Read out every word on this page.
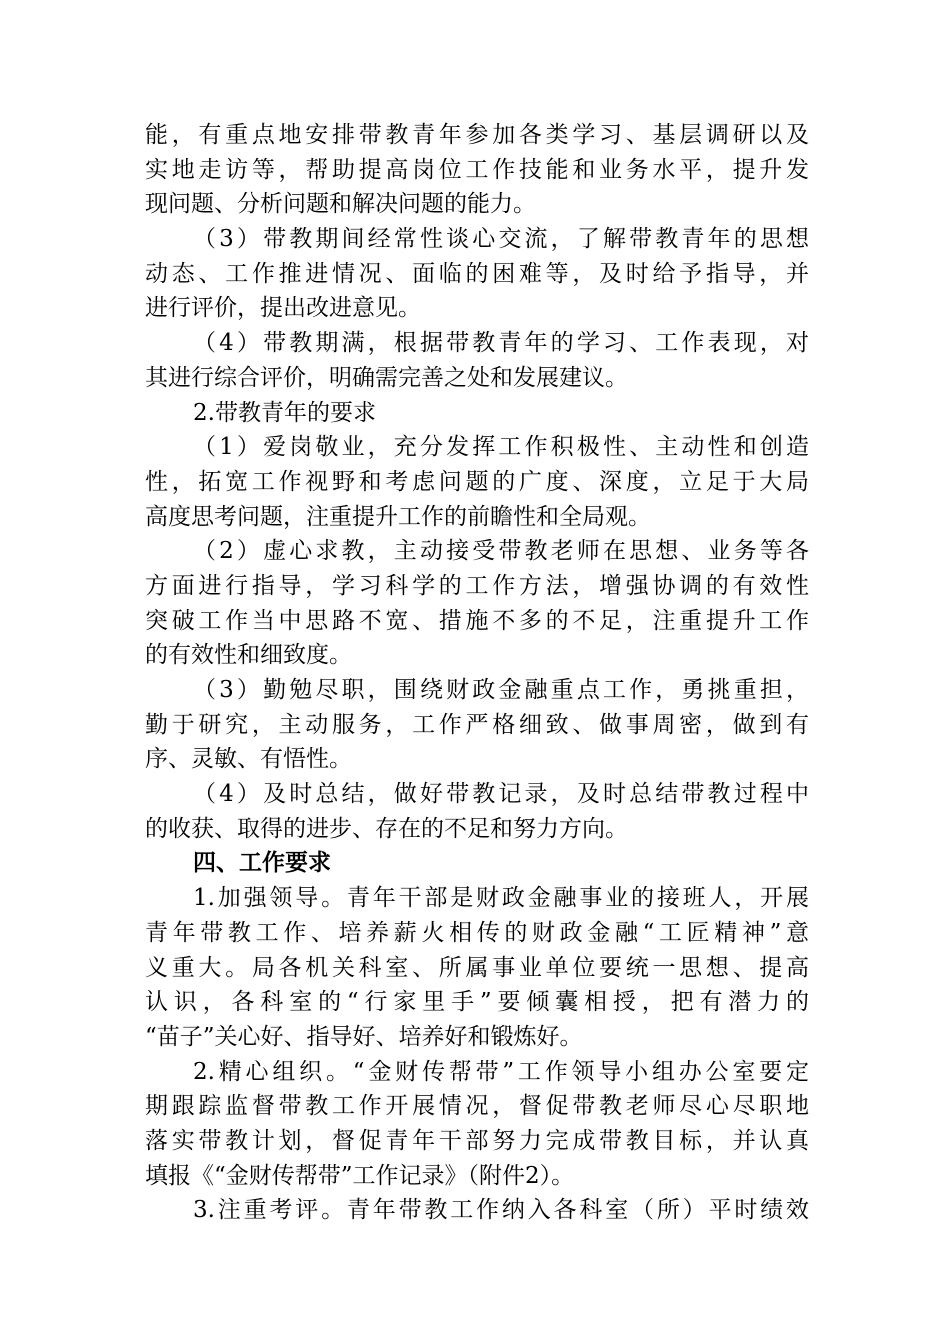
能，有重点地安排带教青年参加各类学习、基层调研以及
实地走访等，帮助提高岗位工作技能和业务水平，提升发
现问题、分析问题和解决问题的能力。
（3）带教期间经常性谈心交流，了解带教青年的思想
动态、工作推进情况、面临的困难等，及时给予指导，并
进行评价，提出改进意见。
（4）带教期满，根据带教青年的学习、工作表现，对
其进行综合评价，明确需完善之处和发展建议。
2.带教青年的要求
（1）爱岗敬业，充分发挥工作积极性、主动性和创造
性，拓宽工作视野和考虑问题的广度、深度，立足于大局
高度思考问题，注重提升工作的前瞻性和全局观。
（2）虚心求教，主动接受带教老师在思想、业务等各
方面进行指导，学习科学的工作方法，增强协调的有效性
突破工作当中思路不宽、措施不多的不足，注重提升工作
的有效性和细致度。
（3）勤勉尽职，围绕财政金融重点工作，勇挑重担，
勤于研究，主动服务，工作严格细致、做事周密，做到有
序、灵敏、有悟性。
（4）及时总结，做好带教记录，及时总结带教过程中
的收获、取得的进步、存在的不足和努力方向。
四、工作要求
1.加强领导。青年干部是财政金融事业的接班人，开展
青年带教工作、培养薪火相传的财政金融“工匠精神”意
义重大。局各机关科室、所属事业单位要统一思想、提高
认识，各科室的“行家里手”要倾囊相授，把有潜力的
“苗子”关心好、指导好、培养好和锻炼好。
2.精心组织。“金财传帮带”工作领导小组办公室要定
期跟踪监督带教工作开展情况，督促带教老师尽心尽职地
落实带教计划，督促青年干部努力完成带教目标，并认真
填报《“金财传帮带”工作记录》（附件2）。
3.注重考评。青年带教工作纳入各科室（所）平时绩效
